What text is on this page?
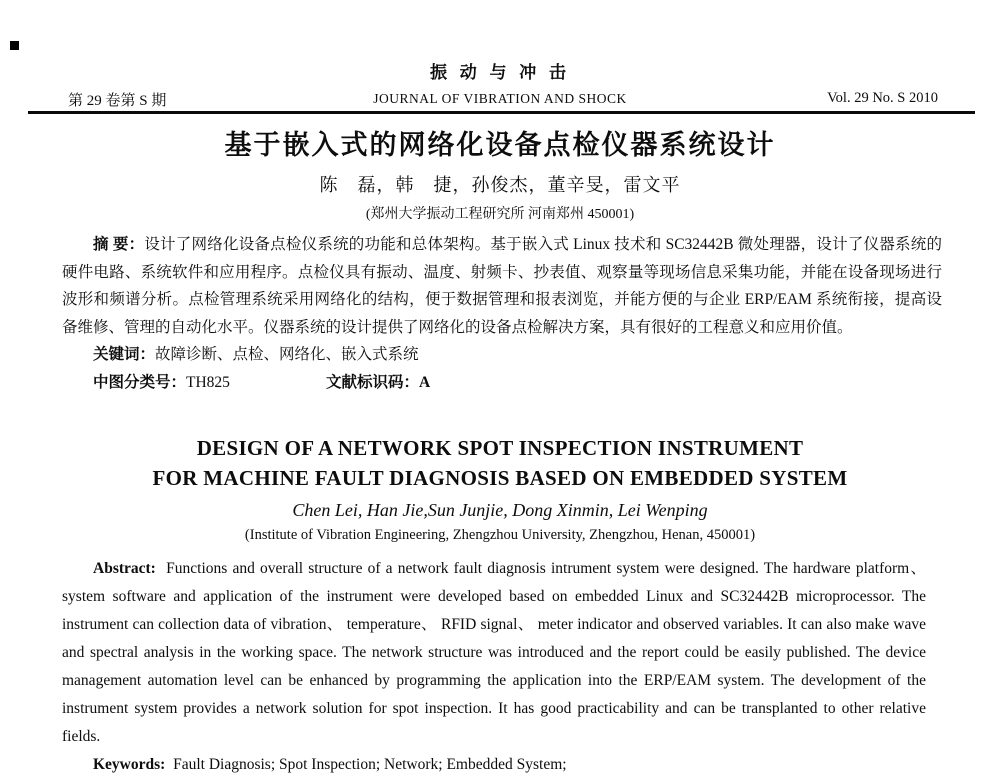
振 动 与 冲 击
第 29 卷第 S 期	JOURNAL OF VIBRATION AND SHOCK	Vol. 29 No. S 2010
基于嵌入式的网络化设备点检仪器系统设计
陈　磊，韩　捷，孙俊杰，董辛旻，雷文平
(郑州大学振动工程研究所 河南郑州 450001)

摘 要：设计了网络化设备点检仪系统的功能和总体架构。基于嵌入式 Linux 技术和 SC32442B 微处理器，设计了仪器系统的硬件电路、系统软件和应用程序。点检仪具有振动、温度、射频卡、抄表值、观察量等现场信息采集功能，并能在设备现场进行波形和频谱分析。点检管理系统采用网络化的结构，便于数据管理和报表浏览，并能方便的与企业 ERP/EAM 系统衔接，提高设备维修、管理的自动化水平。仪器系统的设计提供了网络化的设备点检解决方案，具有很好的工程意义和应用价值。

关键词：故障诊断、点检、网络化、嵌入式系统

中图分类号：TH825	文献标识码：A

DESIGN OF A NETWORK SPOT INSPECTION INSTRUMENT
FOR MACHINE FAULT DIAGNOSIS BASED ON EMBEDDED SYSTEM
Chen Lei, Han Jie,Sun Junjie, Dong Xinmin, Lei Wenping
(Institute of Vibration Engineering, Zhengzhou University, Zhengzhou, Henan, 450001)

Abstract: Functions and overall structure of a network fault diagnosis intrument system were designed. The hardware platform、 system software and application of the instrument were developed based on embedded Linux and SC32442B microprocessor. The instrument can collection data of vibration、 temperature、 RFID signal、 meter indicator and observed variables. It can also make wave and spectral analysis in the working space. The network structure was introduced and the report could be easily published. The device management automation level can be enhanced by programming the application into the ERP/EAM system. The development of the instrument system provides a network solution for spot inspection. It has good practicability and can be transplanted to other relative fields.

Keywords: Fault Diagnosis; Spot Inspection; Network; Embedded System;
